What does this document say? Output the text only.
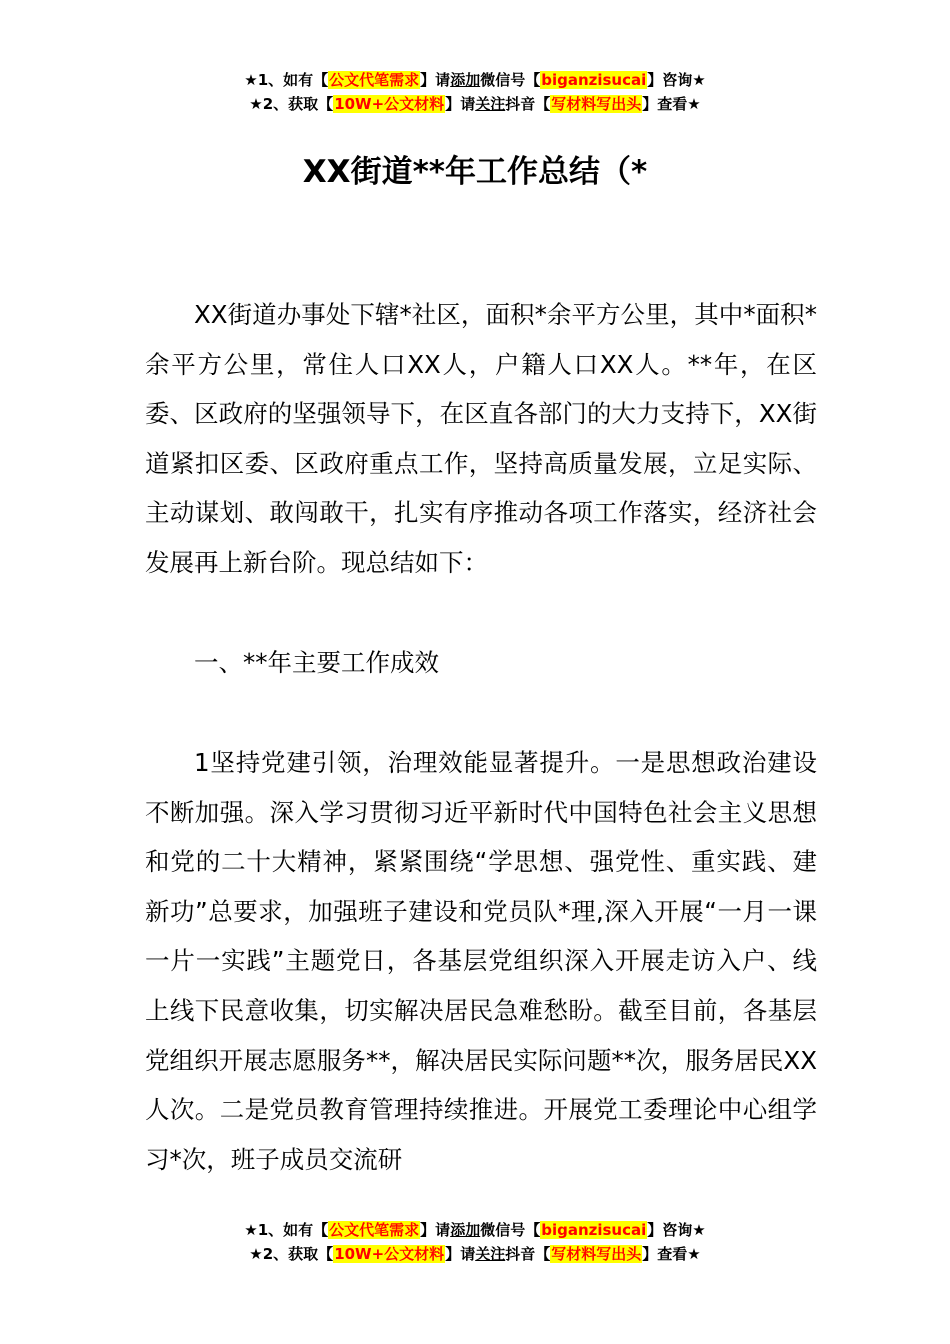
★1、如有【公文代笔需求】请添加微信号【biganzisucai】咨询★
★2、获取【10W+公文材料】请关注抖音【写材料写出头】查看★
XX街道**年工作总结（*

XX街道办事处下辖*社区，面积*余平方公里，其中*面积*余平方公里，常住人口XX人，户籍人口XX人。**年，在区委、区政府的坚强领导下，在区直各部门的大力支持下，XX街道紧扣区委、区政府重点工作，坚持高质量发展，立足实际、主动谋划、敢闯敢干，扎实有序推动各项工作落实，经济社会发展再上新台阶。现总结如下：

一、**年主要工作成效

1坚持党建引领，治理效能显著提升。一是思想政治建设不断加强。深入学习贯彻习近平新时代中国特色社会主义思想和党的二十大精神，紧紧围绕“学思想、强党性、重实践、建新功”总要求，加强班子建设和党员队*理,深入开展“一月一课一片一实践”主题党日，各基层党组织深入开展走访入户、线上线下民意收集，切实解决居民急难愁盼。截至目前，各基层党组织开展志愿服务**，解决居民实际问题**次，服务居民XX人次。二是党员教育管理持续推进。开展党工委理论中心组学习*次，班子成员交流研

★1、如有【公文代笔需求】请添加微信号【biganzisucai】咨询★
★2、获取【10W+公文材料】请关注抖音【写材料写出头】查看★
